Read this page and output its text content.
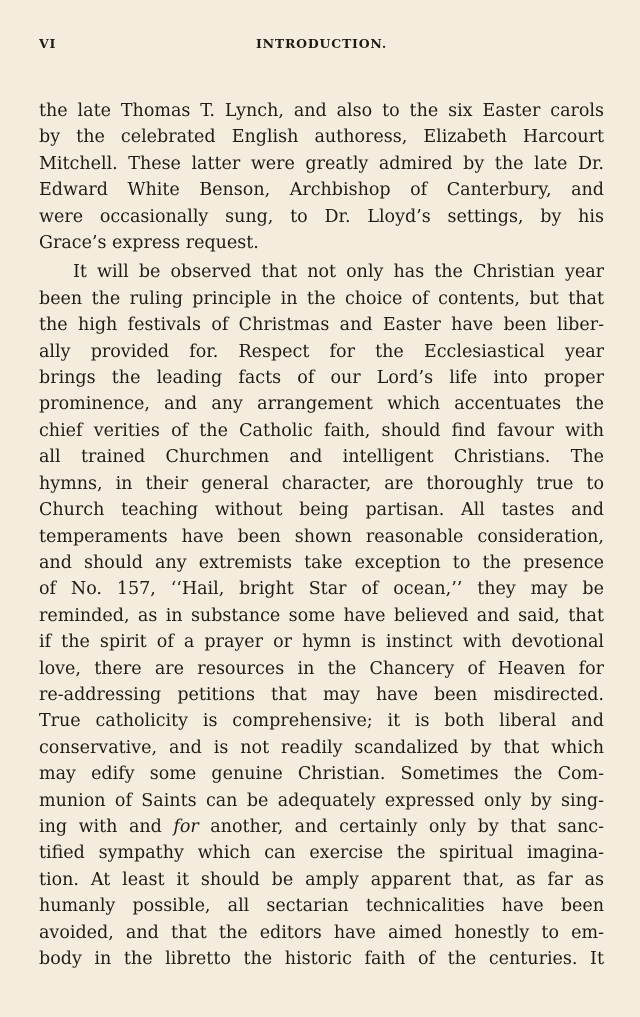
VI	INTRODUCTION.
the late Thomas T. Lynch, and also to the six Easter carols
by the celebrated English authoress, Elizabeth Harcourt
Mitchell. These latter were greatly admired by the late Dr.
Edward White Benson, Archbishop of Canterbury, and
were occasionally sung, to Dr. Lloyd’s settings, by his
Grace’s express request.
It will be observed that not only has the Christian year
been the ruling principle in the choice of contents, but that
the high festivals of Christmas and Easter have been liber-
ally provided for. Respect for the Ecclesiastical year
brings the leading facts of our Lord’s life into proper
prominence, and any arrangement which accentuates the
chief verities of the Catholic faith, should find favour with
all trained Churchmen and intelligent Christians. The
hymns, in their general character, are thoroughly true to
Church teaching without being partisan. All tastes and
temperaments have been shown reasonable consideration,
and should any extremists take exception to the presence
of No. 157, ‘‘Hail, bright Star of ocean,’’ they may be
reminded, as in substance some have believed and said, that
if the spirit of a prayer or hymn is instinct with devotional
love, there are resources in the Chancery of Heaven for
re-addressing petitions that may have been misdirected.
True catholicity is comprehensive; it is both liberal and
conservative, and is not readily scandalized by that which
may edify some genuine Christian. Sometimes the Com-
munion of Saints can be adequately expressed only by sing-
ing with and for another, and certainly only by that sanc-
tified sympathy which can exercise the spiritual imagina-
tion. At least it should be amply apparent that, as far as
humanly possible, all sectarian technicalities have been
avoided, and that the editors have aimed honestly to em-
body in the libretto the historic faith of the centuries. It
